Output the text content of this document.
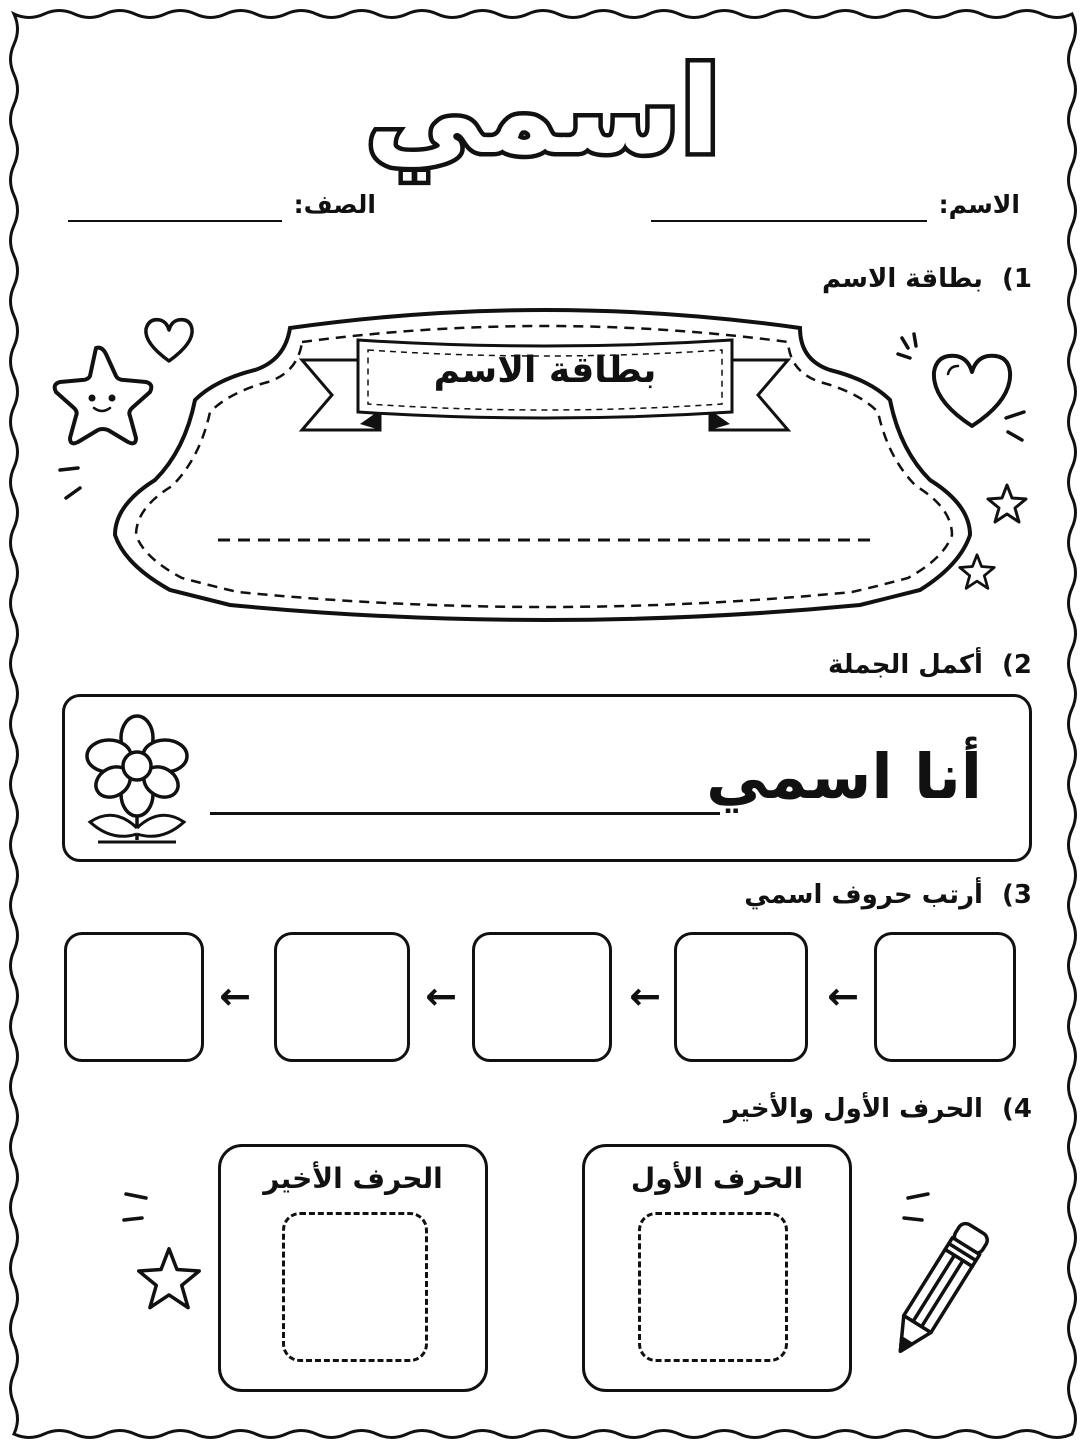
اسمي
الاسم:
الصف:
1) بطاقة الاسم
بطاقة الاسم
2) أكمل الجملة
أنا اسمي
3) أرتب حروف اسمي
←
←
←
←
4) الحرف الأول والأخير
الحرف الأول
الحرف الأخير
